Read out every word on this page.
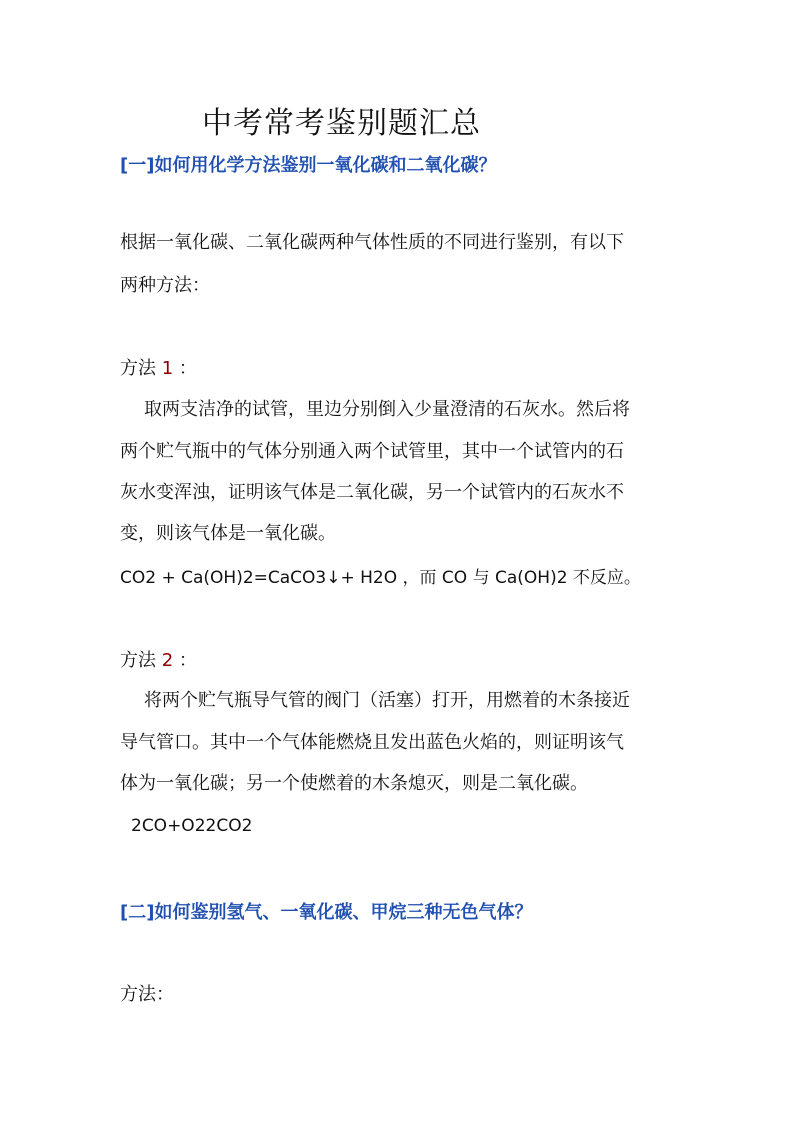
中考常考鉴别题汇总
[一]如何用化学方法鉴别一氧化碳和二氧化碳？
根据一氧化碳、二氧化碳两种气体性质的不同进行鉴别，有以下
两种方法：
方法 1 ：
取两支洁净的试管，里边分别倒入少量澄清的石灰水。然后将
两个贮气瓶中的气体分别通入两个试管里，其中一个试管内的石
灰水变浑浊，证明该气体是二氧化碳，另一个试管内的石灰水不
变，则该气体是一氧化碳。
CO2 + Ca(OH)2=CaCO3↓+ H2O ，而 CO 与 Ca(OH)2 不反应。
方法 2 ：
将两个贮气瓶导气管的阀门（活塞）打开，用燃着的木条接近
导气管口。其中一个气体能燃烧且发出蓝色火焰的，则证明该气
体为一氧化碳；另一个使燃着的木条熄灭，则是二氧化碳。
2CO+O22CO2
[二]如何鉴别氢气、一氧化碳、甲烷三种无色气体？
方法：
